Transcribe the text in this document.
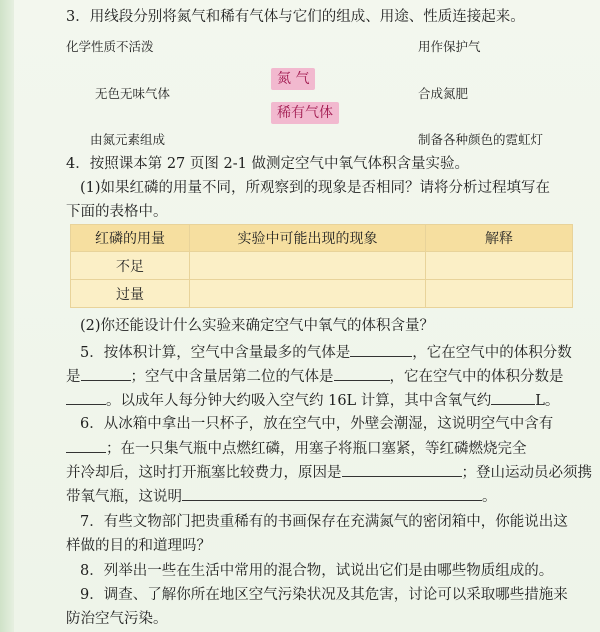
3．用线段分别将氮气和稀有气体与它们的组成、用途、性质连接起来。
化学性质不活泼	用作保护气
氮 气
无色无味气体	合成氮肥
稀有气体
由氮元素组成	制备各种颜色的霓虹灯
4．按照课本第 27 页图 2-1 做测定空气中氧气体积含量实验。
(1)如果红磷的用量不同，所观察到的现象是否相同？请将分析过程填写在
下面的表格中。
红磷的用量	实验中可能出现的现象	解释
不足		
过量		
(2)你还能设计什么实验来确定空气中氧气的体积含量？
5．按体积计算，空气中含量最多的气体是	，它在空气中的体积分数
是	；空气中含量居第二位的气体是	，它在空气中的体积分数是
。以成年人每分钟大约吸入空气约 16L 计算，其中含氧气约	L。
6．从冰箱中拿出一只杯子，放在空气中，外壁会潮湿，这说明空气中含有
；在一只集气瓶中点燃红磷，用塞子将瓶口塞紧，等红磷燃烧完全
并冷却后，这时打开瓶塞比较费力，原因是	；登山运动员必须携
带氧气瓶，这说明	。
7．有些文物部门把贵重稀有的书画保存在充满氮气的密闭箱中，你能说出这
样做的目的和道理吗？
8．列举出一些在生活中常用的混合物，试说出它们是由哪些物质组成的。
9．调查、了解你所在地区空气污染状况及其危害，讨论可以采取哪些措施来
防治空气污染。
